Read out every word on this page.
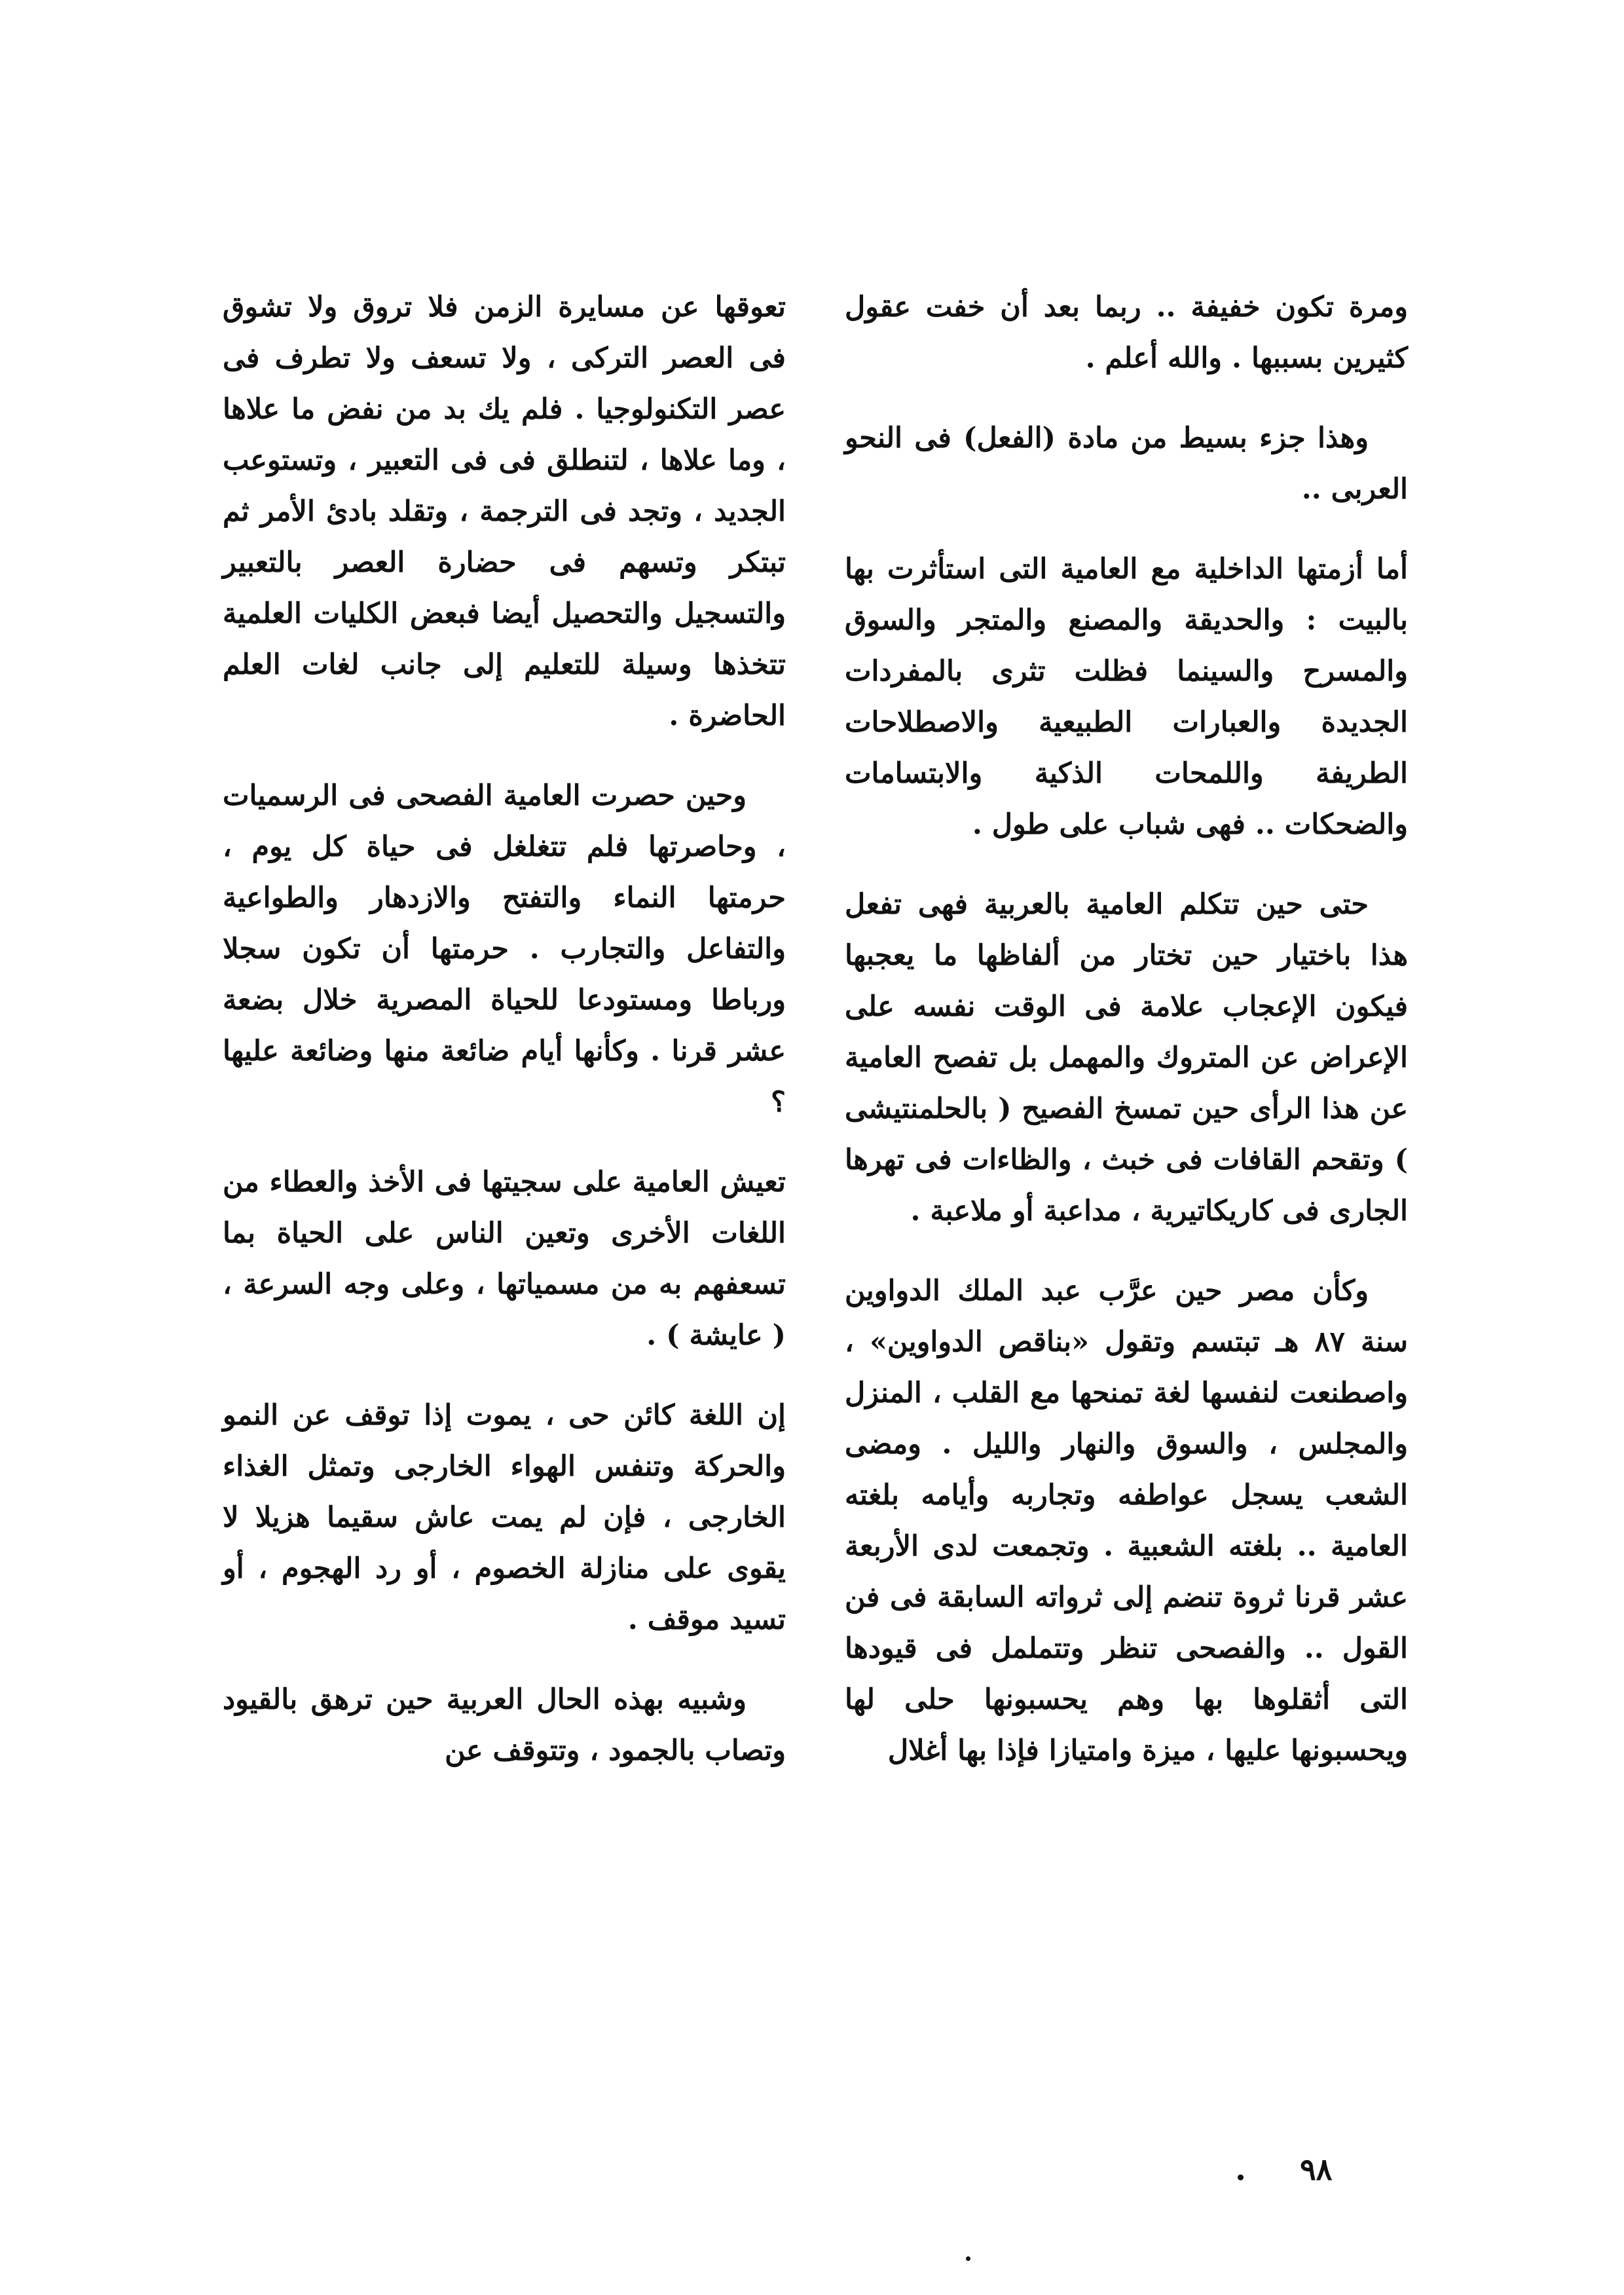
ومرة تكون خفيفة .. ربما بعد أن خفت عقول كثيرين بسببها . والله أعلم .

وهذا جزء بسيط من مادة (الفعل) فى النحو العربى ..

أما أزمتها الداخلية مع العامية التى استأثرت بها بالبيت : والحديقة والمصنع والمتجر والسوق والمسرح والسينما فظلت تثرى بالمفردات الجديدة والعبارات الطبيعية والاصطلاحات الطريفة واللمحات الذكية والابتسامات والضحكات .. فهى شباب على طول .

حتى حين تتكلم العامية بالعربية فهى تفعل هذا باختيار حين تختار من ألفاظها ما يعجبها فيكون الإعجاب علامة فى الوقت نفسه على الإعراض عن المتروك والمهمل بل تفصح العامية عن هذا الرأى حين تمسخ الفصيح ( بالحلمنتيشى ) وتقحم القافات فى خبث ، والظاءات فى تهرها الجارى فى كاريكاتيرية ، مداعبة أو ملاعبة .

وكأن مصر حين عرَّب عبد الملك الدواوين سنة ٨٧ هـ تبتسم وتقول «بناقص الدواوين» ، واصطنعت لنفسها لغة تمنحها مع القلب ، المنزل والمجلس ، والسوق والنهار والليل . ومضى الشعب يسجل عواطفه وتجاربه وأيامه بلغته العامية .. بلغته الشعبية . وتجمعت لدى الأربعة عشر قرنا ثروة تنضم إلى ثرواته السابقة فى فن القول .. والفصحى تنظر وتتململ فى قيودها التى أثقلوها بها وهم يحسبونها حلى لها ويحسبونها عليها ، ميزة وامتيازا فإذا بها أغلال

تعوقها عن مسايرة الزمن فلا تروق ولا تشوق فى العصر التركى ، ولا تسعف ولا تطرف فى عصر التكنولوجيا . فلم يك بد من نفض ما علاها ، وما علاها ، لتنطلق فى فى التعبير ، وتستوعب الجديد ، وتجد فى الترجمة ، وتقلد بادئ الأمر ثم تبتكر وتسهم فى حضارة العصر بالتعبير والتسجيل والتحصيل أيضا فبعض الكليات العلمية تتخذها وسيلة للتعليم إلى جانب لغات العلم الحاضرة .

وحين حصرت العامية الفصحى فى الرسميات ، وحاصرتها فلم تتغلغل فى حياة كل يوم ، حرمتها النماء والتفتح والازدهار والطواعية والتفاعل والتجارب . حرمتها أن تكون سجلا ورباطا ومستودعا للحياة المصرية خلال بضعة عشر قرنا . وكأنها أيام ضائعة منها وضائعة عليها ؟

تعيش العامية على سجيتها فى الأخذ والعطاء من اللغات الأخرى وتعين الناس على الحياة بما تسعفهم به من مسمياتها ، وعلى وجه السرعة ، ( عايشة ) .

إن اللغة كائن حى ، يموت إذا توقف عن النمو والحركة وتنفس الهواء الخارجى وتمثل الغذاء الخارجى ، فإن لم يمت عاش سقيما هزيلا لا يقوى على منازلة الخصوم ، أو رد الهجوم ، أو تسيد موقف .

وشبيه بهذه الحال العربية حين ترهق بالقيود وتصاب بالجمود ، وتتوقف عن

٩٨
